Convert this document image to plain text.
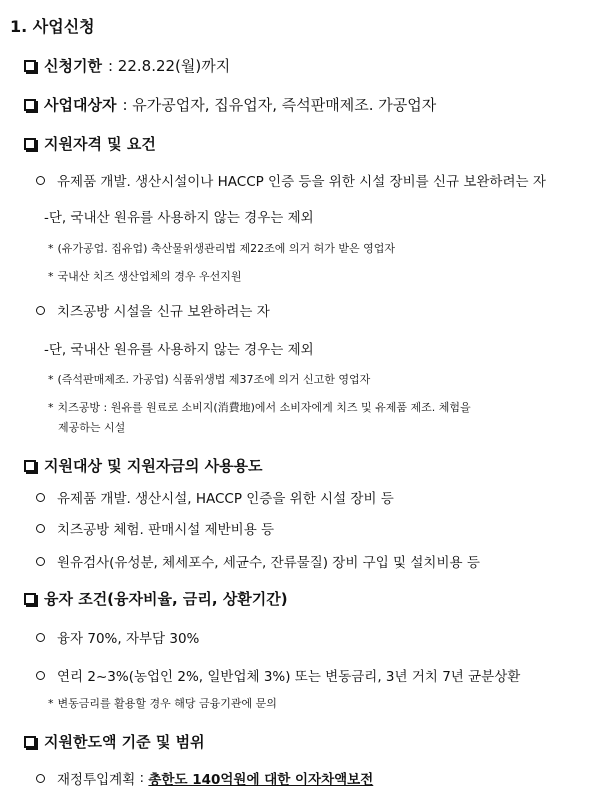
1. 사업신청
신청기한 : 22.8.22(월)까지
사업대상자 : 유가공업자, 집유업자, 즉석판매제조. 가공업자
지원자격 및 요건
유제품 개발. 생산시설이나 HACCP 인증 등을 위한 시설 장비를 신규 보완하려는 자
-단, 국내산 원유를 사용하지 않는 경우는 제외
* (유가공업. 집유업) 축산물위생관리법 제22조에 의거 허가 받은 영업자
* 국내산 치즈 생산업체의 경우 우선지원
치즈공방 시설을 신규 보완하려는 자
-단, 국내산 원유를 사용하지 않는 경우는 제외
* (즉석판매제조. 가공업) 식품위생법 제37조에 의거 신고한 영업자
* 치즈공방 : 원유를 원료로 소비지(消費地)에서 소비자에게 치즈 및 유제품 제조. 체험을
제공하는 시설
지원대상 및 지원자금의 사용용도
유제품 개발. 생산시설, HACCP 인증을 위한 시설 장비 등
치즈공방 체험. 판매시설 제반비용 등
원유검사(유성분, 체세포수, 세균수, 잔류물질) 장비 구입 및 설치비용 등
융자 조건(융자비율, 금리, 상환기간)
융자 70%, 자부담 30%
연리 2~3%(농업인 2%, 일반업체 3%) 또는 변동금리, 3년 거치 7년 균분상환
* 변동금리를 활용할 경우 해당 금융기관에 문의
지원한도액 기준 및 범위
재정투입계획 : 총한도 140억원에 대한 이자차액보전
